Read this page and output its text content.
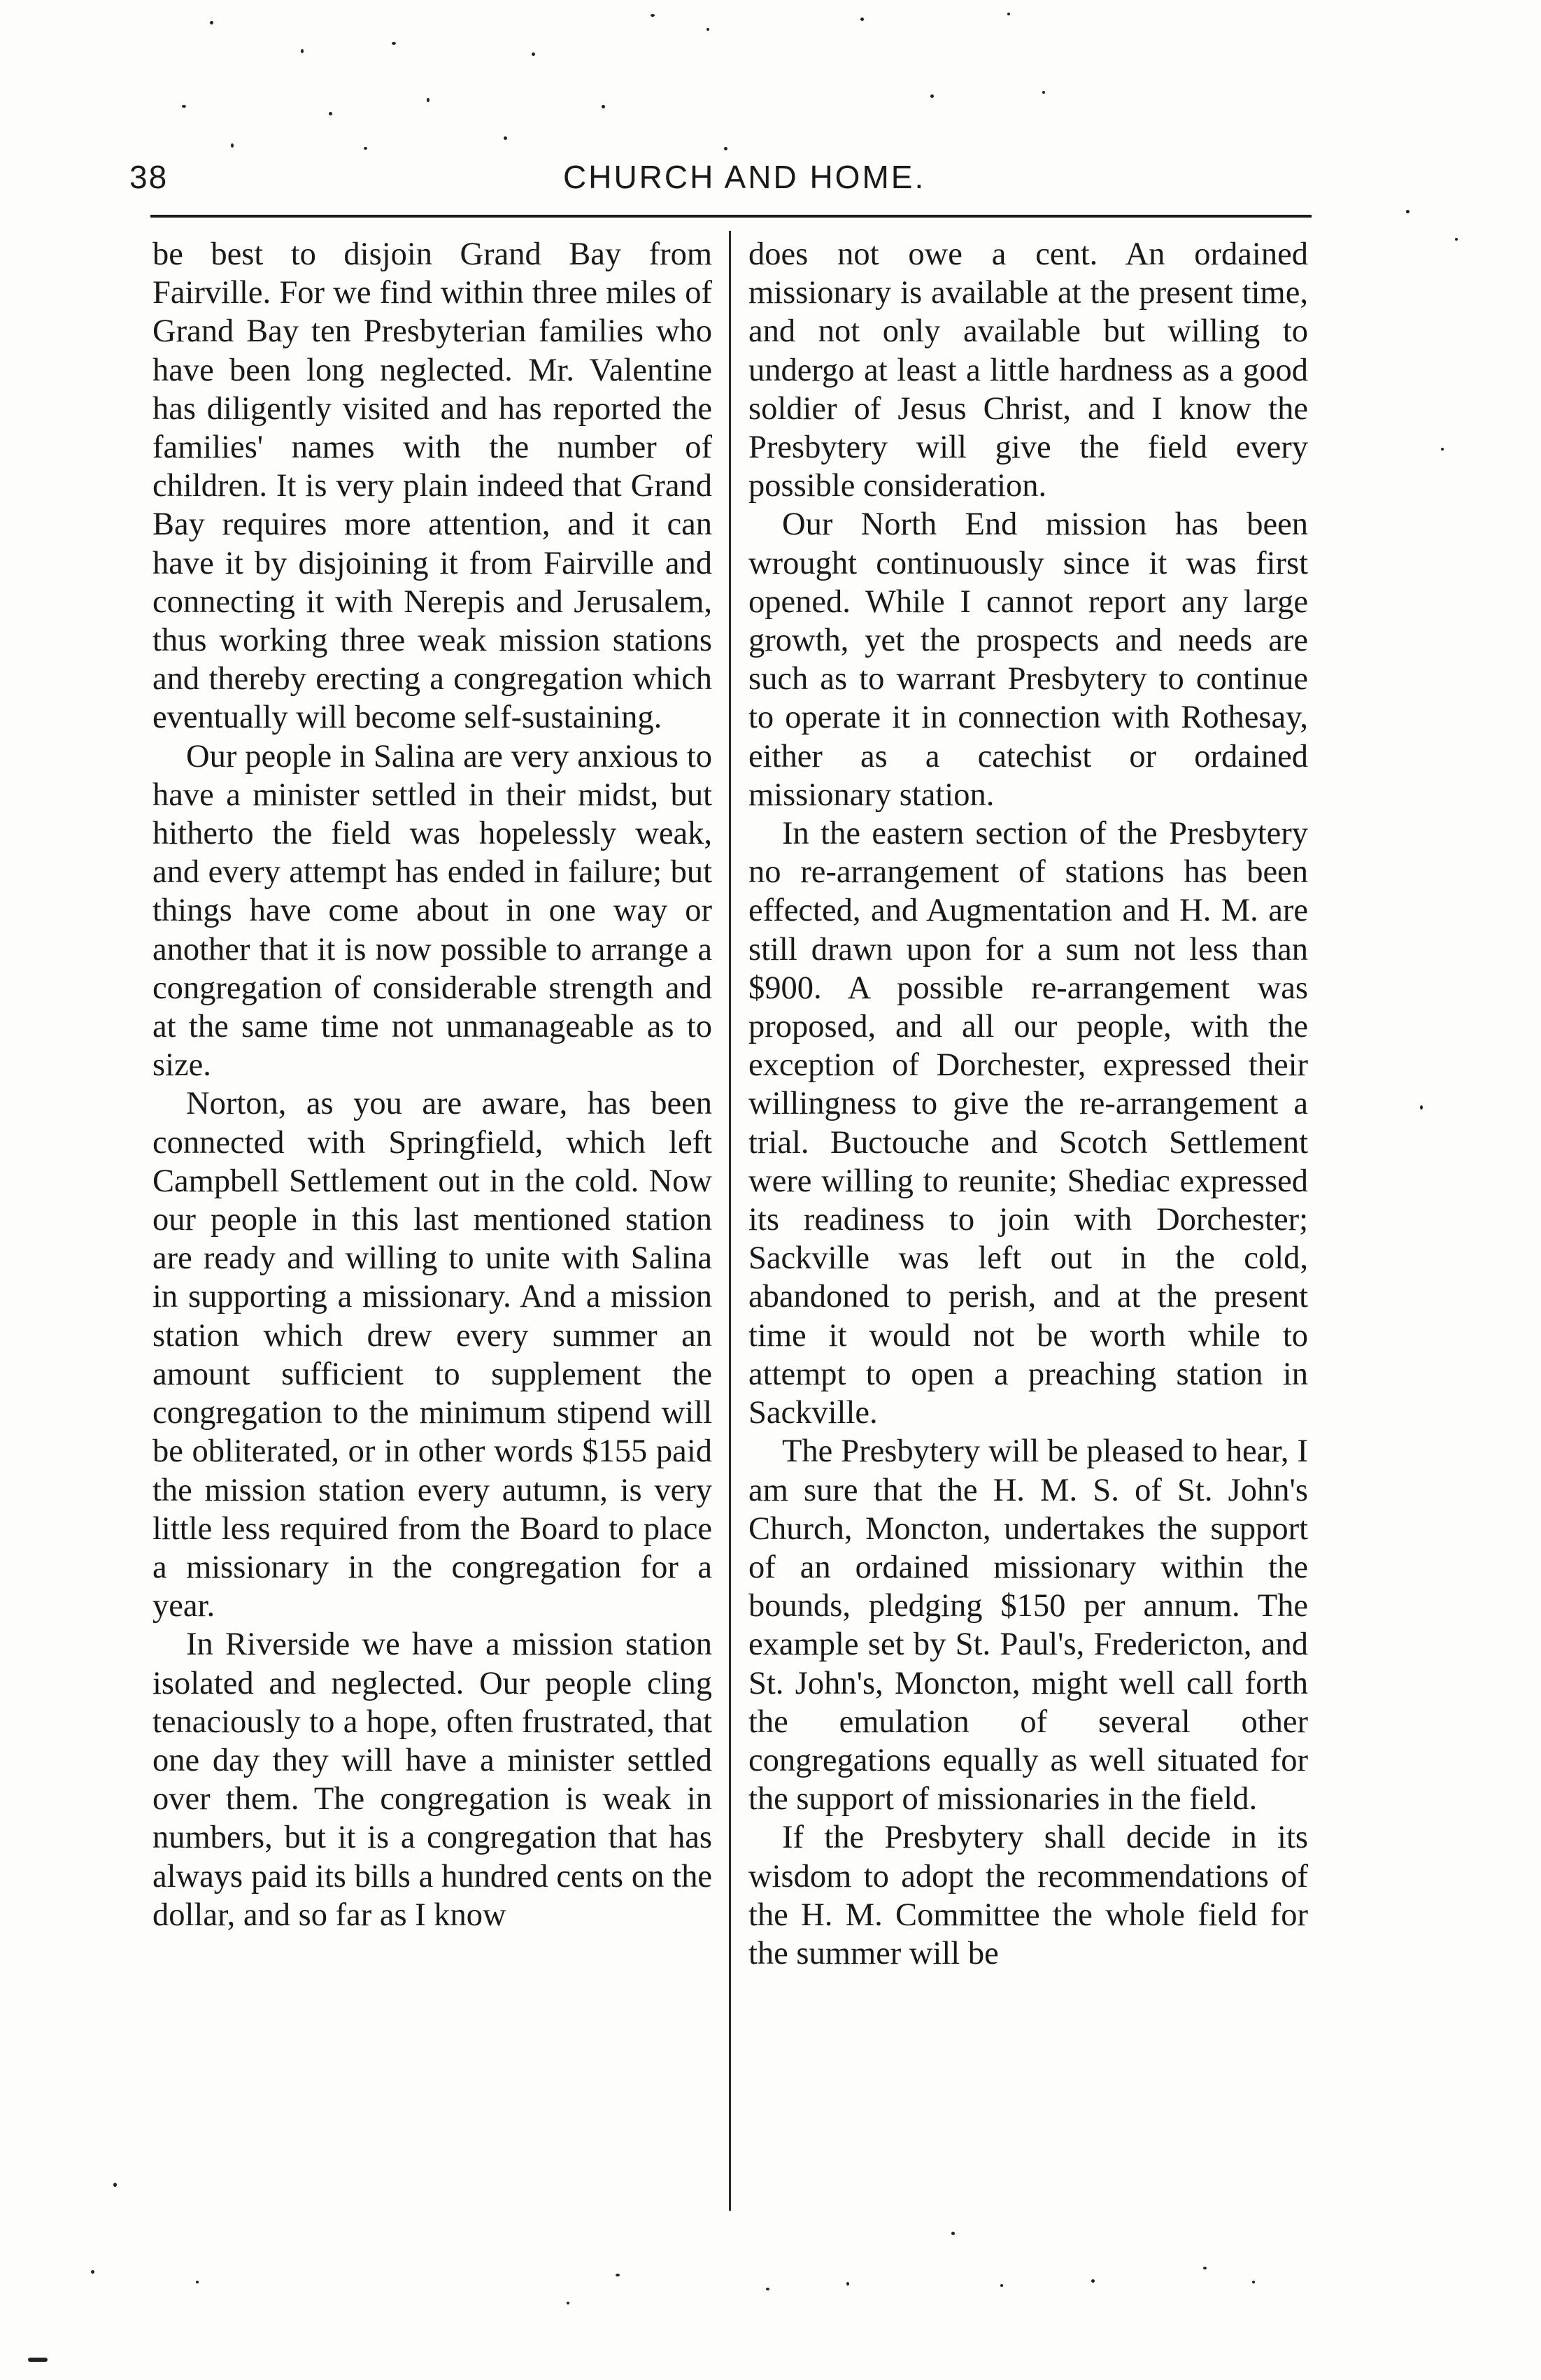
38	CHURCH AND HOME.

be best to disjoin Grand Bay from Fairville. For we find within three miles of Grand Bay ten Presbyterian families who have been long neglected. Mr. Valentine has diligently visited and has reported the families' names with the number of children. It is very plain indeed that Grand Bay requires more attention, and it can have it by disjoining it from Fairville and connecting it with Nerepis and Jerusalem, thus working three weak mission stations and thereby erecting a congregation which eventually will become self-sustaining.

Our people in Salina are very anxious to have a minister settled in their midst, but hitherto the field was hopelessly weak, and every attempt has ended in failure; but things have come about in one way or another that it is now possible to arrange a congregation of considerable strength and at the same time not unmanageable as to size.

Norton, as you are aware, has been connected with Springfield, which left Campbell Settlement out in the cold. Now our people in this last mentioned station are ready and willing to unite with Salina in supporting a missionary. And a mission station which drew every summer an amount sufficient to supplement the congregation to the minimum stipend will be obliterated, or in other words $155 paid the mission station every autumn, is very little less required from the Board to place a missionary in the congregation for a year.

In Riverside we have a mission station isolated and neglected. Our people cling tenaciously to a hope, often frustrated, that one day they will have a minister settled over them. The congregation is weak in numbers, but it is a congregation that has always paid its bills a hundred cents on the dollar, and so far as I know

does not owe a cent. An ordained missionary is available at the present time, and not only available but willing to undergo at least a little hardness as a good soldier of Jesus Christ, and I know the Presbytery will give the field every possible consideration.

Our North End mission has been wrought continuously since it was first opened. While I cannot report any large growth, yet the prospects and needs are such as to warrant Presbytery to continue to operate it in connection with Rothesay, either as a catechist or ordained missionary station.

In the eastern section of the Presbytery no re-arrangement of stations has been effected, and Augmentation and H. M. are still drawn upon for a sum not less than $900. A possible re-arrangement was proposed, and all our people, with the exception of Dorchester, expressed their willingness to give the re-arrangement a trial. Buctouche and Scotch Settlement were willing to reunite; Shediac expressed its readiness to join with Dorchester; Sackville was left out in the cold, abandoned to perish, and at the present time it would not be worth while to attempt to open a preaching station in Sackville.

The Presbytery will be pleased to hear, I am sure that the H. M. S. of St. John's Church, Moncton, undertakes the support of an ordained missionary within the bounds, pledging $150 per annum. The example set by St. Paul's, Fredericton, and St. John's, Moncton, might well call forth the emulation of several other congregations equally as well situated for the support of missionaries in the field.

If the Presbytery shall decide in its wisdom to adopt the recommendations of the H. M. Committee the whole field for the summer will be
